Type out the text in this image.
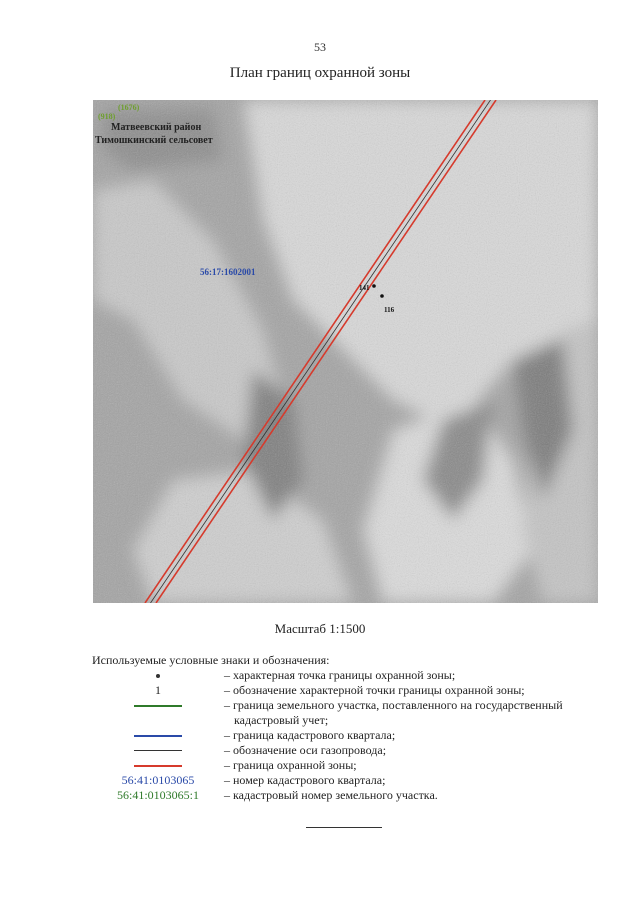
53
План границ охранной зоны
141
116
(1676)
(918)
Матвеевский район
Тимошкинский сельсовет
56:17:1602001
Масштаб 1:1500
Используемые условные знаки и обозначения:
– характерная точка границы охранной зоны;
1	– обозначение характерной точки границы охранной зоны;
– граница земельного участка, поставленного на государственный
кадастровый учет;
– граница кадастрового квартала;
– обозначение оси газопровода;
– граница охранной зоны;
56:41:0103065 – номер кадастрового квартала;
56:41:0103065:1 – кадастровый номер земельного участка.
